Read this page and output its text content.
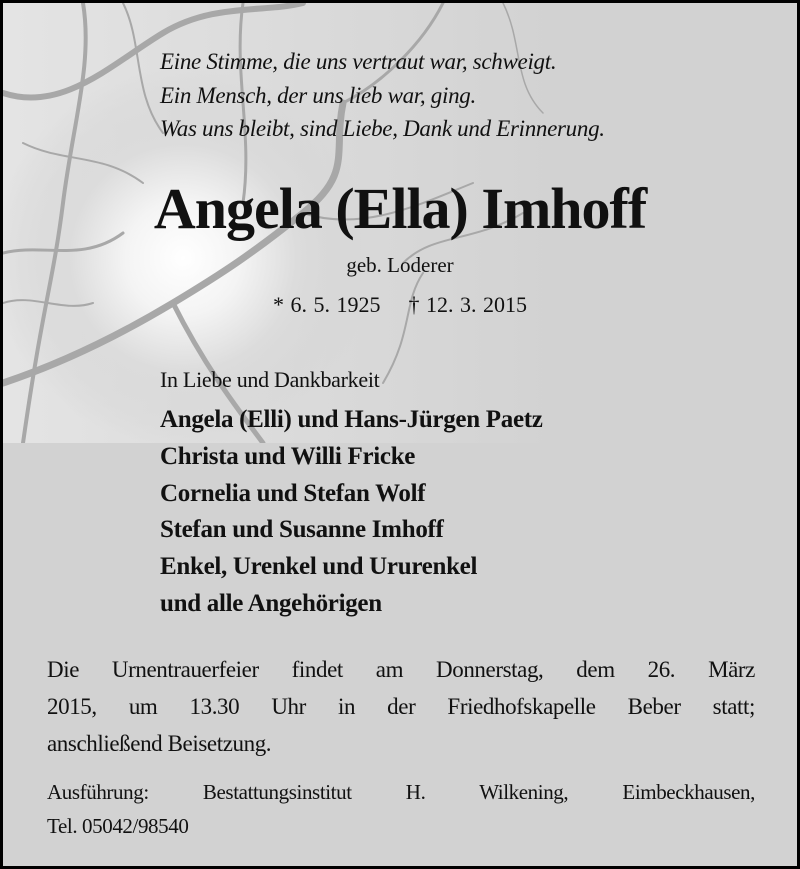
Eine Stimme, die uns vertraut war, schweigt.

Ein Mensch, der uns lieb war, ging.

Was uns bleibt, sind Liebe, Dank und Erinnerung.

Angela (Ella) Imhoff

geb. Loderer

* 6. 5. 1925 † 12. 3. 2015

In Liebe und Dankbarkeit

Angela (Elli) und Hans-Jürgen Paetz

Christa und Willi Fricke

Cornelia und Stefan Wolf

Stefan und Susanne Imhoff

Enkel, Urenkel und Ururenkel

und alle Angehörigen

Die Urnentrauerfeier findet am Donnerstag, dem 26. März
2015, um 13.30 Uhr in der Friedhofskapelle Beber statt;
anschließend Beisetzung.
Ausführung: Bestattungsinstitut H. Wilkening, Eimbeckhausen,
Tel. 05042/98540
